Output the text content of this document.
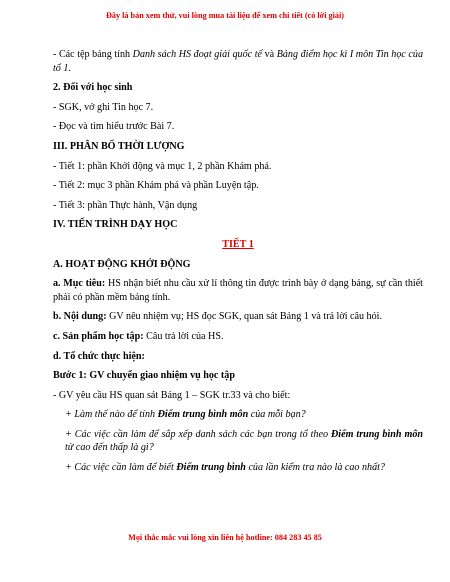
Đây là bản xem thử, vui lòng mua tài liệu để xem chi tiết (có lời giải)
- Các tệp bảng tính Danh sách HS đoạt giải quốc tế và Bảng điểm học kì I môn Tin học của tổ 1.
2. Đối với học sinh
- SGK, vở ghi Tin học 7.
- Đọc và tìm hiểu trước Bài 7.
III. PHÂN BỐ THỜI LƯỢNG
- Tiết 1: phần Khởi động và mục 1, 2 phần Khám phá.
- Tiết 2: mục 3 phần Khám phá và phần Luyện tập.
- Tiết 3: phần Thực hành, Vận dụng
IV. TIẾN TRÌNH DẠY HỌC
TIẾT 1
A. HOẠT ĐỘNG KHỞI ĐỘNG
a. Mục tiêu: HS nhận biết nhu cầu xử lí thông tin được trình bày ở dạng bảng, sự cần thiết phải có phần mềm bảng tính.
b. Nội dung: GV nêu nhiệm vụ; HS đọc SGK, quan sát Bảng 1 và trả lời câu hỏi.
c. Sản phẩm học tập: Câu trả lời của HS.
d. Tổ chức thực hiện:
Bước 1: GV chuyển giao nhiệm vụ học tập
- GV yêu cầu HS quan sát Bảng 1 – SGK tr.33 và cho biết:
+ Làm thế nào để tính Điểm trung bình môn của mỗi bạn?
+ Các việc cần làm để sắp xếp danh sách các bạn trong tổ theo Điểm trung bình môn từ cao đến thấp là gì?
+ Các việc cần làm để biết Điểm trung bình của lần kiểm tra nào là cao nhất?
Mọi thắc mắc vui lòng xin liên hệ hotline: 084 283 45 85
